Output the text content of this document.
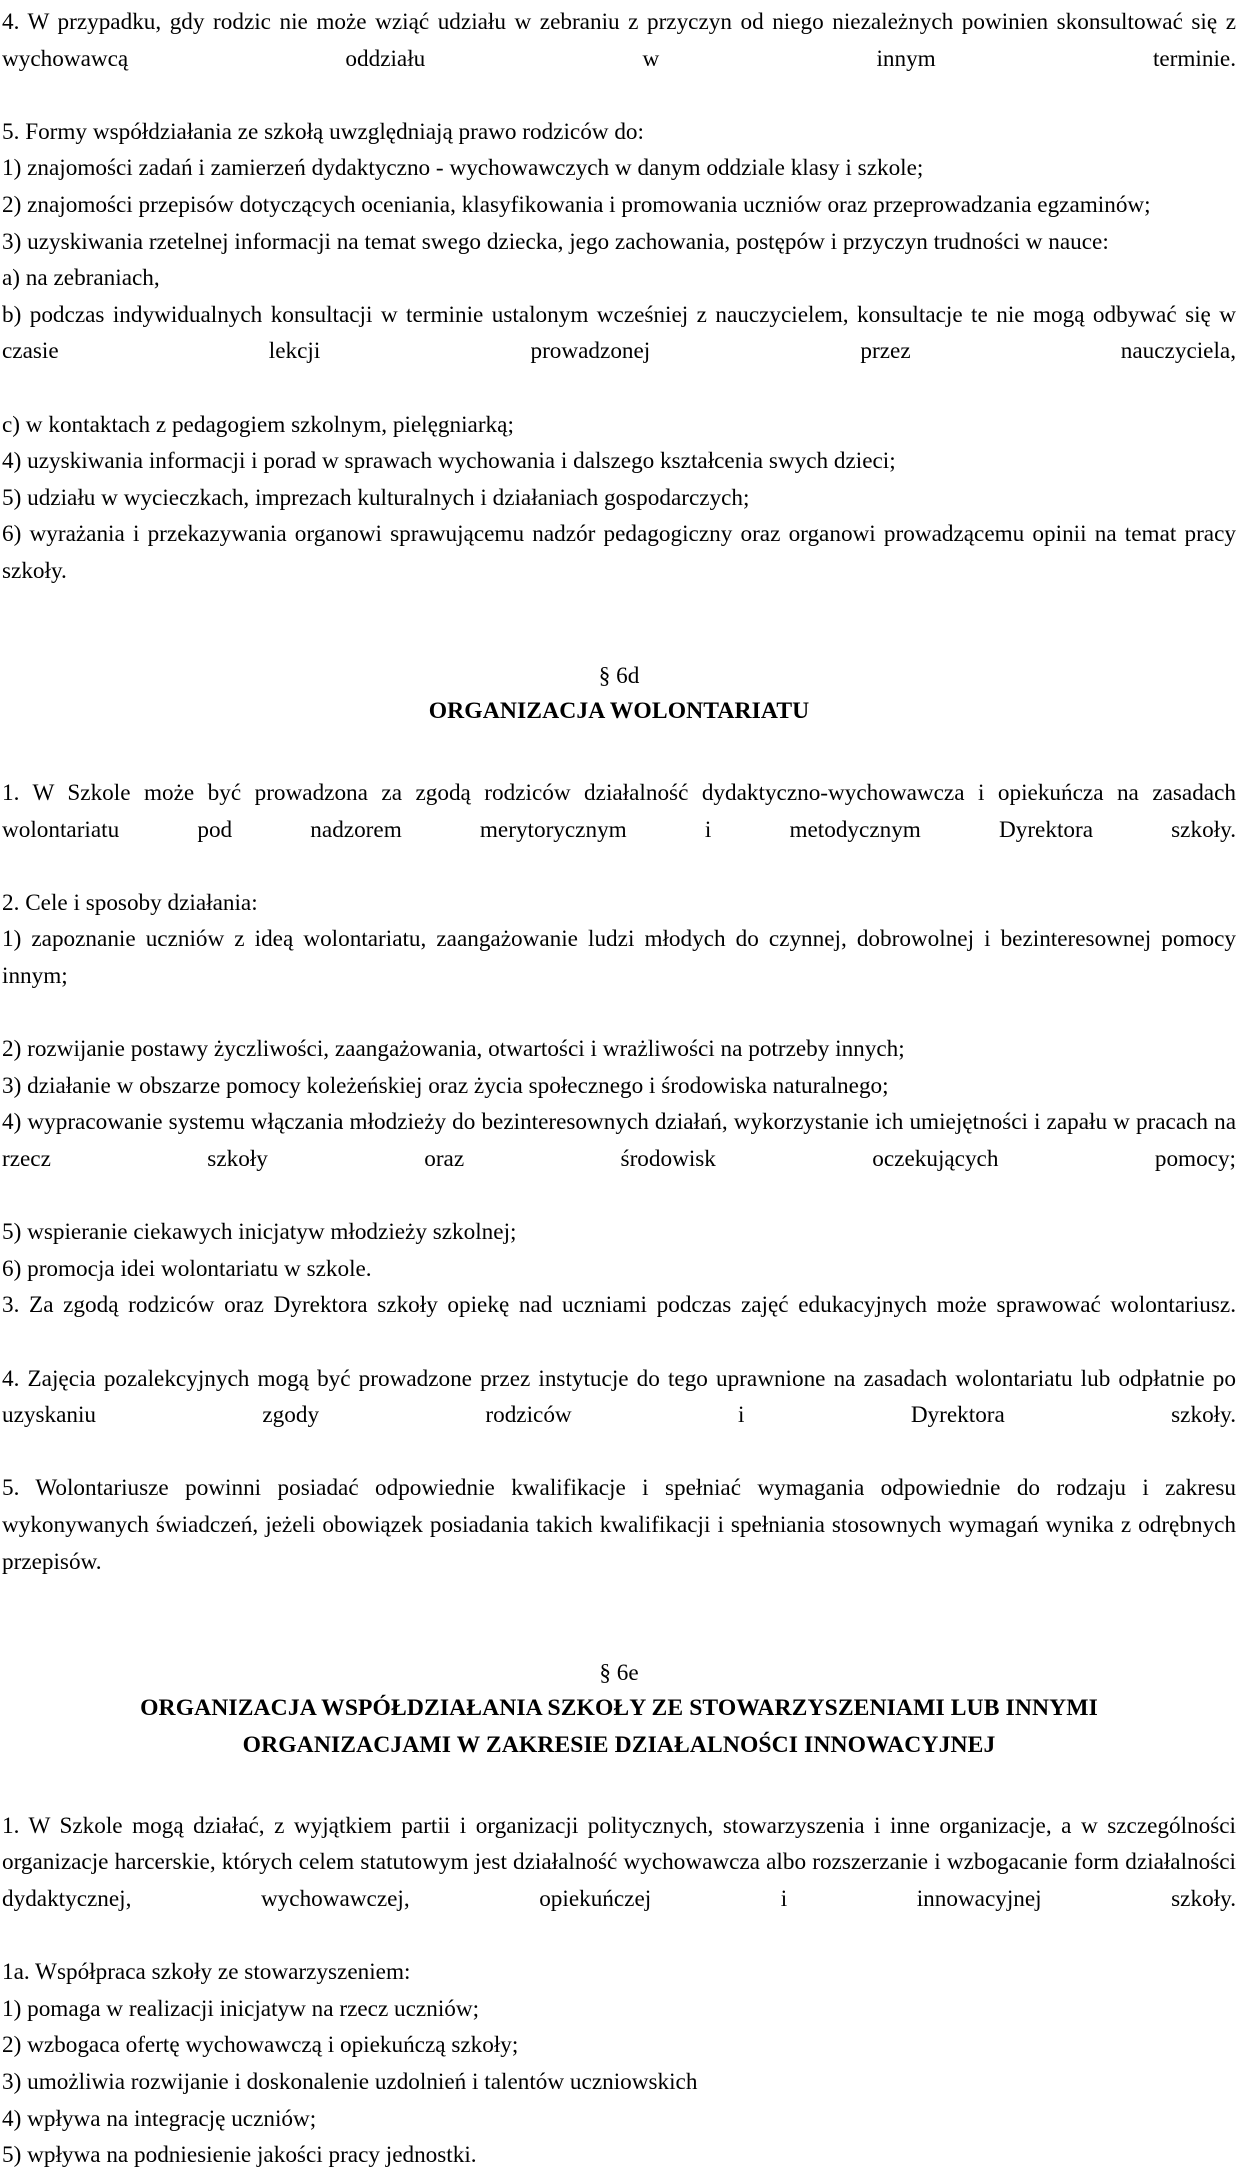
4. W przypadku, gdy rodzic nie może wziąć udziału w zebraniu z przyczyn od niego niezależnych powinien skonsultować się z wychowawcą oddziału w innym terminie.

5. Formy współdziałania ze szkołą uwzględniają prawo rodziców do:

1) znajomości zadań i zamierzeń dydaktyczno - wychowawczych w danym oddziale klasy i szkole;

2) znajomości przepisów dotyczących oceniania, klasyfikowania i promowania uczniów oraz przeprowadzania egzaminów;

3) uzyskiwania rzetelnej informacji na temat swego dziecka, jego zachowania, postępów i przyczyn trudności w nauce:

a) na zebraniach,

b) podczas indywidualnych konsultacji w terminie ustalonym wcześniej z nauczycielem, konsultacje te nie mogą odbywać się w czasie lekcji prowadzonej przez nauczyciela,

c) w kontaktach z pedagogiem szkolnym, pielęgniarką;

4) uzyskiwania informacji i porad w sprawach wychowania i dalszego kształcenia swych dzieci;

5) udziału w wycieczkach, imprezach kulturalnych i działaniach gospodarczych;

6) wyrażania i przekazywania organowi sprawującemu nadzór pedagogiczny oraz organowi prowadzącemu opinii na temat pracy szkoły.

§ 6d

ORGANIZACJA WOLONTARIATU

1. W Szkole może być prowadzona za zgodą rodziców działalność dydaktyczno-wychowawcza i opiekuńcza na zasadach wolontariatu pod nadzorem merytorycznym i metodycznym Dyrektora szkoły.

2. Cele i sposoby działania:

1) zapoznanie uczniów z ideą wolontariatu, zaangażowanie ludzi młodych do czynnej, dobrowolnej i bezinteresownej pomocy innym;

2) rozwijanie postawy życzliwości, zaangażowania, otwartości i wrażliwości na potrzeby innych;

3) działanie w obszarze pomocy koleżeńskiej oraz życia społecznego i środowiska naturalnego;

4) wypracowanie systemu włączania młodzieży do bezinteresownych działań, wykorzystanie ich umiejętności i zapału w pracach na rzecz szkoły oraz środowisk oczekujących pomocy;

5) wspieranie ciekawych inicjatyw młodzieży szkolnej;

6) promocja idei wolontariatu w szkole.

3. Za zgodą rodziców oraz Dyrektora szkoły opiekę nad uczniami podczas zajęć edukacyjnych może sprawować wolontariusz.

4. Zajęcia pozalekcyjnych mogą być prowadzone przez instytucje do tego uprawnione na zasadach wolontariatu lub odpłatnie po uzyskaniu zgody rodziców i Dyrektora szkoły.

5. Wolontariusze powinni posiadać odpowiednie kwalifikacje i spełniać wymagania odpowiednie do rodzaju i zakresu wykonywanych świadczeń, jeżeli obowiązek posiadania takich kwalifikacji i spełniania stosownych wymagań wynika z odrębnych przepisów.

§ 6e

ORGANIZACJA WSPÓŁDZIAŁANIA SZKOŁY ZE STOWARZYSZENIAMI LUB INNYMI
ORGANIZACJAMI W ZAKRESIE DZIAŁALNOŚCI INNOWACYJNEJ

1. W Szkole mogą działać, z wyjątkiem partii i organizacji politycznych, stowarzyszenia i inne organizacje, a w szczególności organizacje harcerskie, których celem statutowym jest działalność wychowawcza albo rozszerzanie i wzbogacanie form działalności dydaktycznej, wychowawczej, opiekuńczej i innowacyjnej szkoły.

1a. Współpraca szkoły ze stowarzyszeniem:

1) pomaga w realizacji inicjatyw na rzecz uczniów;

2) wzbogaca ofertę wychowawczą i opiekuńczą szkoły;

3) umożliwia rozwijanie i doskonalenie uzdolnień i talentów uczniowskich

4) wpływa na integrację uczniów;

5) wpływa na podniesienie jakości pracy jednostki.
